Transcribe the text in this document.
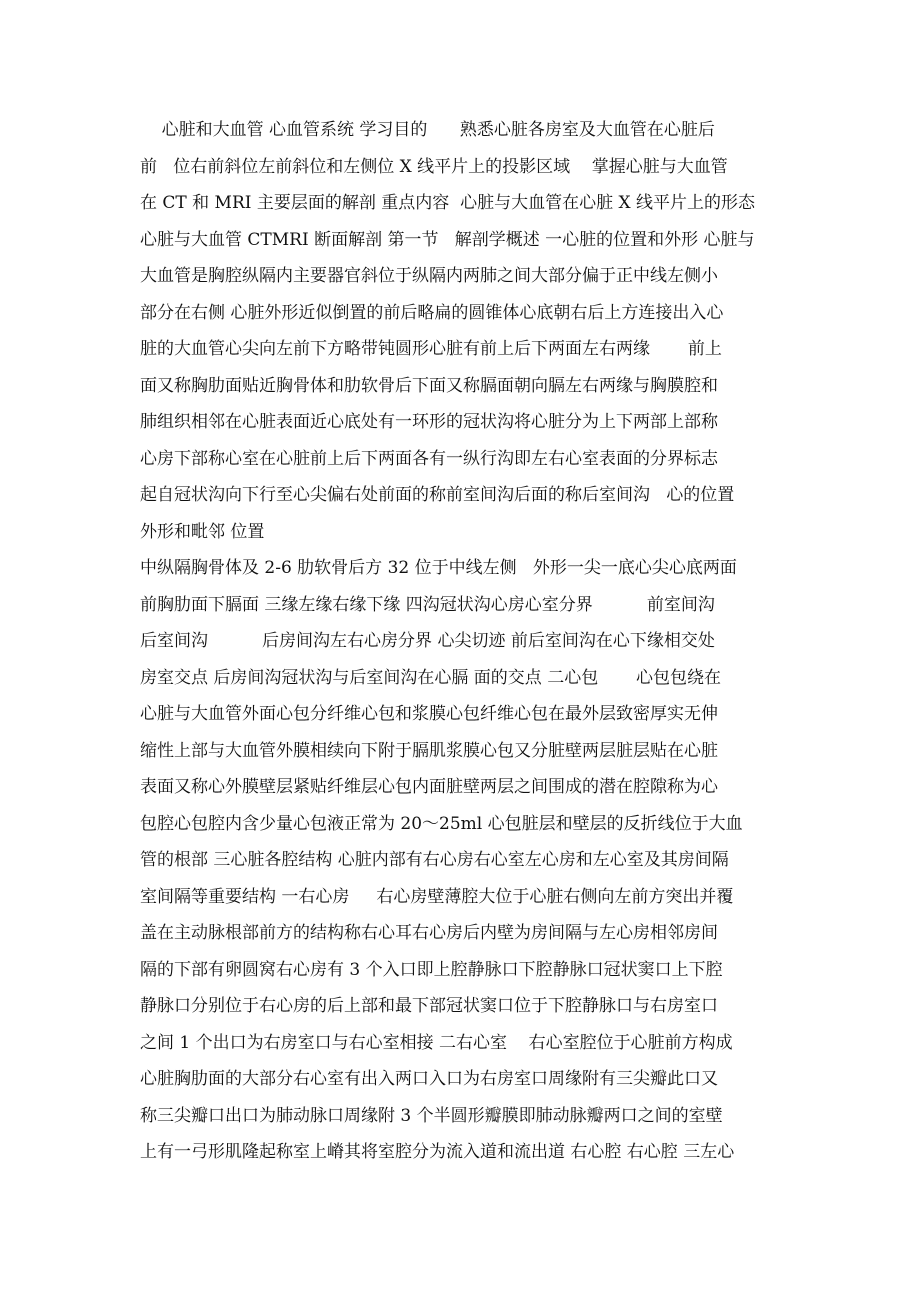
心脏和大血管 心血管系统 学习目的      熟悉心脏各房室及大血管在心脏后
前   位右前斜位左前斜位和左侧位 X 线平片上的投影区域    掌握心脏与大血管
在 CT 和 MRI 主要层面的解剖 重点内容  心脏与大血管在心脏 X 线平片上的形态
心脏与大血管 CTMRI 断面解剖 第一节   解剖学概述 一心脏的位置和外形 心脏与
大血管是胸腔纵隔内主要器官斜位于纵隔内两肺之间大部分偏于正中线左侧小
部分在右侧 心脏外形近似倒置的前后略扁的圆锥体心底朝右后上方连接出入心
脏的大血管心尖向左前下方略带钝圆形心脏有前上后下两面左右两缘       前上
面又称胸肋面贴近胸骨体和肋软骨后下面又称膈面朝向膈左右两缘与胸膜腔和
肺组织相邻在心脏表面近心底处有一环形的冠状沟将心脏分为上下两部上部称
心房下部称心室在心脏前上后下两面各有一纵行沟即左右心室表面的分界标志
起自冠状沟向下行至心尖偏右处前面的称前室间沟后面的称后室间沟   心的位置
外形和毗邻 位置
中纵隔胸骨体及 2-6 肋软骨后方 32 位于中线左侧   外形一尖一底心尖心底两面
前胸肋面下膈面 三缘左缘右缘下缘 四沟冠状沟心房心室分界          前室间沟
后室间沟          后房间沟左右心房分界 心尖切迹 前后室间沟在心下缘相交处
房室交点 后房间沟冠状沟与后室间沟在心膈 面的交点 二心包       心包包绕在
心脏与大血管外面心包分纤维心包和浆膜心包纤维心包在最外层致密厚实无伸
缩性上部与大血管外膜相续向下附于膈肌浆膜心包又分脏壁两层脏层贴在心脏
表面又称心外膜壁层紧贴纤维层心包内面脏壁两层之间围成的潜在腔隙称为心
包腔心包腔内含少量心包液正常为 20～25ml 心包脏层和壁层的反折线位于大血
管的根部 三心脏各腔结构 心脏内部有右心房右心室左心房和左心室及其房间隔
室间隔等重要结构 一右心房     右心房壁薄腔大位于心脏右侧向左前方突出并覆
盖在主动脉根部前方的结构称右心耳右心房后内壁为房间隔与左心房相邻房间
隔的下部有卵圆窝右心房有 3 个入口即上腔静脉口下腔静脉口冠状窦口上下腔
静脉口分别位于右心房的后上部和最下部冠状窦口位于下腔静脉口与右房室口
之间 1 个出口为右房室口与右心室相接 二右心室    右心室腔位于心脏前方构成
心脏胸肋面的大部分右心室有出入两口入口为右房室口周缘附有三尖瓣此口又
称三尖瓣口出口为肺动脉口周缘附 3 个半圆形瓣膜即肺动脉瓣两口之间的室壁
上有一弓形肌隆起称室上嵴其将室腔分为流入道和流出道 右心腔 右心腔 三左心
